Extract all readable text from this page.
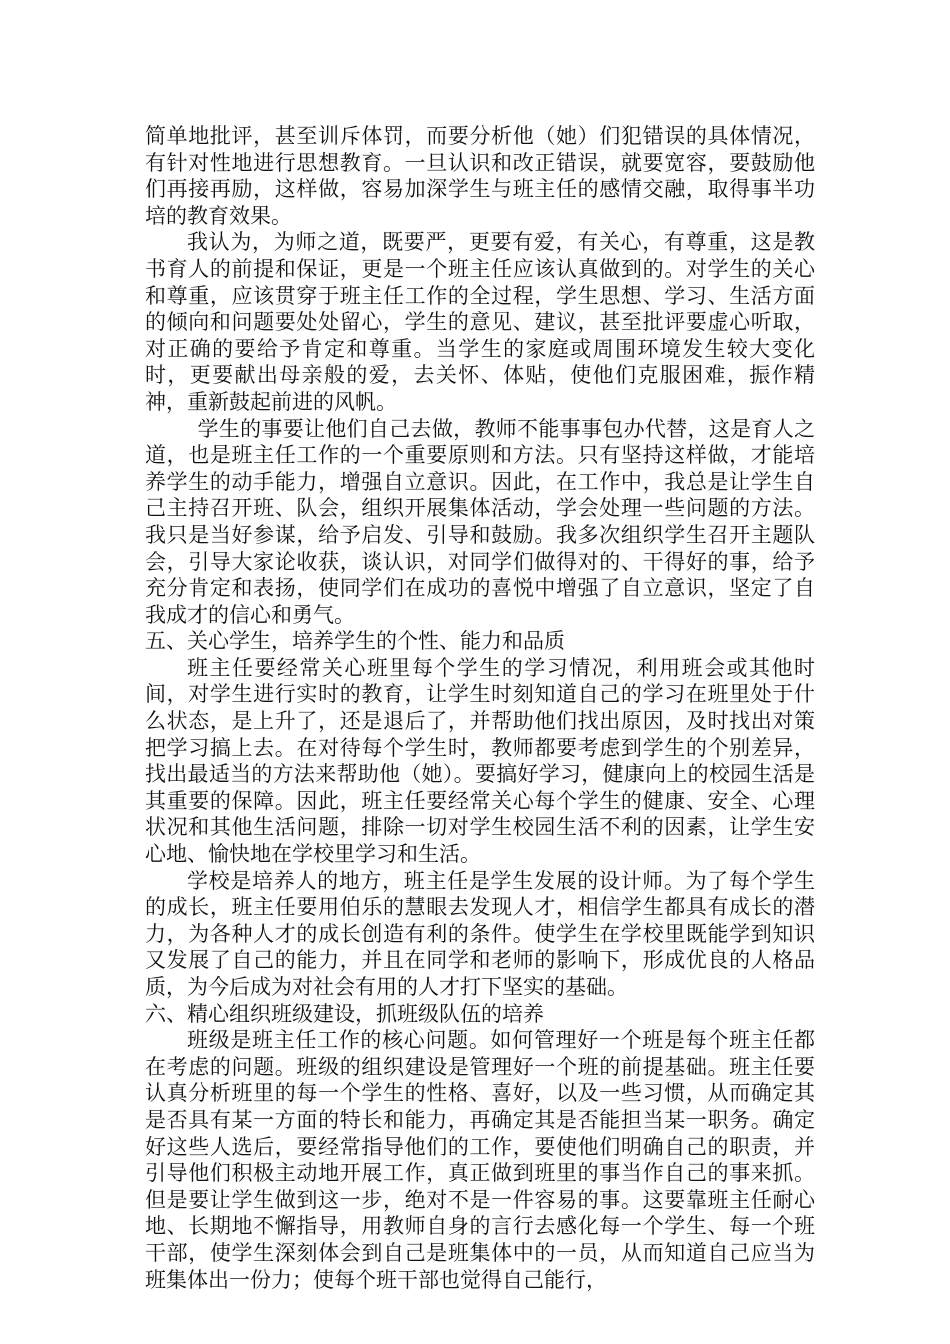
简单地批评，甚至训斥体罚，而要分析他（她）们犯错误的具体情况，有针对性地进行思想教育。一旦认识和改正错误，就要宽容，要鼓励他们再接再励，这样做，容易加深学生与班主任的感情交融，取得事半功培的教育效果。

我认为，为师之道，既要严，更要有爱，有关心，有尊重，这是教书育人的前提和保证，更是一个班主任应该认真做到的。对学生的关心和尊重，应该贯穿于班主任工作的全过程，学生思想、学习、生活方面的倾向和问题要处处留心，学生的意见、建议，甚至批评要虚心听取，对正确的要给予肯定和尊重。当学生的家庭或周围环境发生较大变化时，更要献出母亲般的爱，去关怀、体贴，使他们克服困难，振作精神，重新鼓起前进的风帆。

学生的事要让他们自己去做，教师不能事事包办代替，这是育人之道，也是班主任工作的一个重要原则和方法。只有坚持这样做，才能培养学生的动手能力，增强自立意识。因此，在工作中，我总是让学生自己主持召开班、队会，组织开展集体活动，学会处理一些问题的方法。我只是当好参谋，给予启发、引导和鼓励。我多次组织学生召开主题队会，引导大家论收获，谈认识，对同学们做得对的、干得好的事，给予充分肯定和表扬，使同学们在成功的喜悦中增强了自立意识，坚定了自我成才的信心和勇气。

五、关心学生，培养学生的个性、能力和品质

班主任要经常关心班里每个学生的学习情况，利用班会或其他时间，对学生进行实时的教育，让学生时刻知道自己的学习在班里处于什么状态，是上升了，还是退后了，并帮助他们找出原因，及时找出对策把学习搞上去。在对待每个学生时，教师都要考虑到学生的个别差异，找出最适当的方法来帮助他（她）。要搞好学习，健康向上的校园生活是其重要的保障。因此，班主任要经常关心每个学生的健康、安全、心理状况和其他生活问题，排除一切对学生校园生活不利的因素，让学生安心地、愉快地在学校里学习和生活。

学校是培养人的地方，班主任是学生发展的设计师。为了每个学生的成长，班主任要用伯乐的慧眼去发现人才，相信学生都具有成长的潜力，为各种人才的成长创造有利的条件。使学生在学校里既能学到知识又发展了自己的能力，并且在同学和老师的影响下，形成优良的人格品质，为今后成为对社会有用的人才打下坚实的基础。

六、精心组织班级建设，抓班级队伍的培养

班级是班主任工作的核心问题。如何管理好一个班是每个班主任都在考虑的问题。班级的组织建设是管理好一个班的前提基础。班主任要认真分析班里的每一个学生的性格、喜好，以及一些习惯，从而确定其是否具有某一方面的特长和能力，再确定其是否能担当某一职务。确定好这些人选后，要经常指导他们的工作，要使他们明确自己的职责，并引导他们积极主动地开展工作，真正做到班里的事当作自己的事来抓。但是要让学生做到这一步，绝对不是一件容易的事。这要靠班主任耐心地、长期地不懈指导，用教师自身的言行去感化每一个学生、每一个班干部，使学生深刻体会到自己是班集体中的一员，从而知道自己应当为班集体出一份力；使每个班干部也觉得自己能行，
